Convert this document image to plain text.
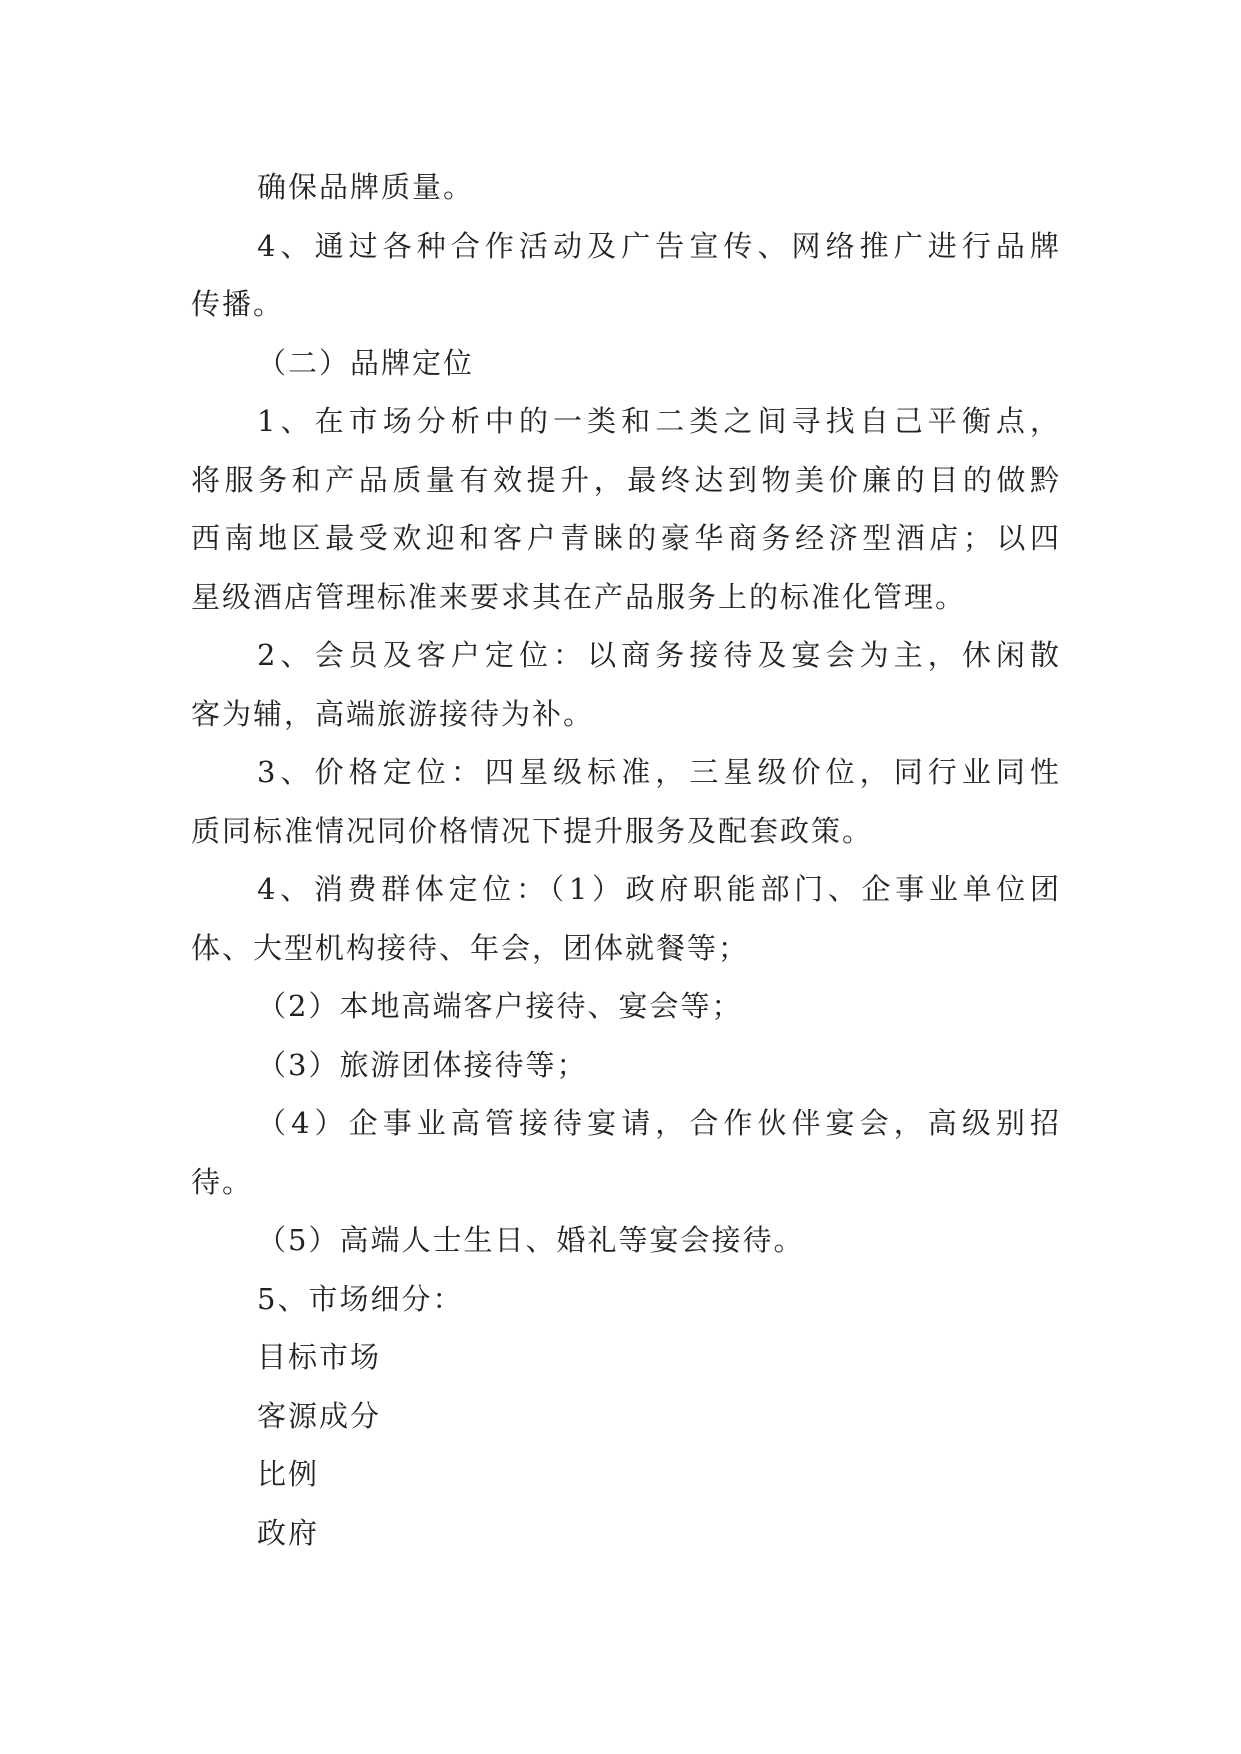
确保品牌质量。
4、通过各种合作活动及广告宣传、网络推广进行品牌
传播。
（二）品牌定位
1、在市场分析中的一类和二类之间寻找自己平衡点，
将服务和产品质量有效提升，最终达到物美价廉的目的做黔
西南地区最受欢迎和客户青睐的豪华商务经济型酒店；以四
星级酒店管理标准来要求其在产品服务上的标准化管理。
2、会员及客户定位：以商务接待及宴会为主，休闲散
客为辅，高端旅游接待为补。
3、价格定位：四星级标准，三星级价位，同行业同性
质同标准情况同价格情况下提升服务及配套政策。
4、消费群体定位：（1）政府职能部门、企事业单位团
体、大型机构接待、年会，团体就餐等；
（2）本地高端客户接待、宴会等；
（3）旅游团体接待等；
（4）企事业高管接待宴请，合作伙伴宴会，高级别招
待。
（5）高端人士生日、婚礼等宴会接待。
5、市场细分：
目标市场
客源成分
比例
政府
